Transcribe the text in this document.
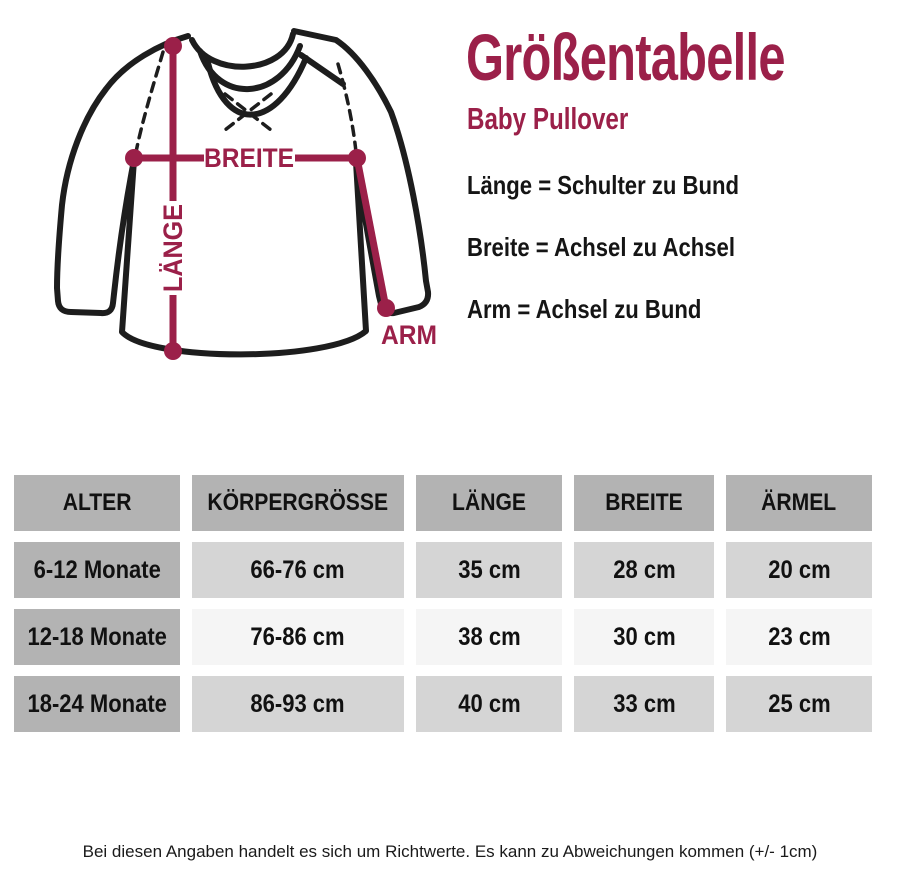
BREITE
LÄNGE
ARM
Größentabelle
Baby Pullover

Länge = Schulter zu Bund

Breite = Achsel zu Achsel

Arm = Achsel zu Bund

ALTER	KÖRPERGRÖSSE	LÄNGE	BREITE	ÄRMEL
6-12 Monate	66-76 cm	35 cm	28 cm	20 cm
12-18 Monate	76-86 cm	38 cm	30 cm	23 cm
18-24 Monate	86-93 cm	40 cm	33 cm	25 cm

Bei diesen Angaben handelt es sich um Richtwerte. Es kann zu Abweichungen kommen (+/- 1cm)
